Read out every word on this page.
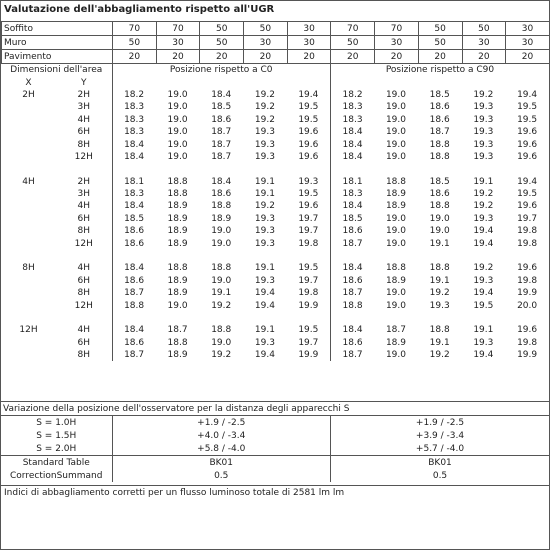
Valutazione dell'abbagliamento rispetto all'UGR
Soffito	70	70	50	50	30	70	70	50	50	30
Muro	50	30	50	30	30	50	30	50	30	30
Pavimento	20	20	20	20	20	20	20	20	20	20
Dimensioni dell'area		Posizione rispetto a C0					Posizione rispetto a C90				
X	Y										
2H	2H	18.2	19.0	18.4	19.2	19.4	18.2	19.0	18.5	19.2	19.4
	3H	18.3	19.0	18.5	19.2	19.5	18.3	19.0	18.6	19.3	19.5
	4H	18.3	19.0	18.6	19.2	19.5	18.3	19.0	18.6	19.3	19.5
	6H	18.3	19.0	18.7	19.3	19.6	18.4	19.0	18.7	19.3	19.6
	8H	18.4	19.0	18.7	19.3	19.6	18.4	19.0	18.8	19.3	19.6
	12H	18.4	19.0	18.7	19.3	19.6	18.4	19.0	18.8	19.3	19.6

4H	2H	18.1	18.8	18.4	19.1	19.3	18.1	18.8	18.5	19.1	19.4
	3H	18.3	18.8	18.6	19.1	19.5	18.3	18.9	18.6	19.2	19.5
	4H	18.4	18.9	18.8	19.2	19.6	18.4	18.9	18.8	19.2	19.6
	6H	18.5	18.9	18.9	19.3	19.7	18.5	19.0	19.0	19.3	19.7
	8H	18.6	18.9	19.0	19.3	19.7	18.6	19.0	19.0	19.4	19.8
	12H	18.6	18.9	19.0	19.3	19.8	18.7	19.0	19.1	19.4	19.8

8H	4H	18.4	18.8	18.8	19.1	19.5	18.4	18.8	18.8	19.2	19.6
	6H	18.6	18.9	19.0	19.3	19.7	18.6	18.9	19.1	19.3	19.8
	8H	18.7	18.9	19.1	19.4	19.8	18.7	19.0	19.2	19.4	19.9
	12H	18.8	19.0	19.2	19.4	19.9	18.8	19.0	19.3	19.5	20.0

12H	4H	18.4	18.7	18.8	19.1	19.5	18.4	18.7	18.8	19.1	19.6
	6H	18.6	18.8	19.0	19.3	19.7	18.6	18.9	19.1	19.3	19.8
	8H	18.7	18.9	19.2	19.4	19.9	18.7	19.0	19.2	19.4	19.9
Variazione della posizione dell'osservatore per la distanza degli apparecchi S		
S = 1.0H	+1.9 / -2.5	+1.9 / -2.5
S = 1.5H	+4.0 / -3.4	+3.9 / -3.4
S = 2.0H	+5.8 / -4.0	+5.7 / -4.0
Standard Table	BK01	BK01
CorrectionSummand	0.5	0.5
Indici di abbagliamento corretti per un flusso luminoso totale di 2581 lm lm
